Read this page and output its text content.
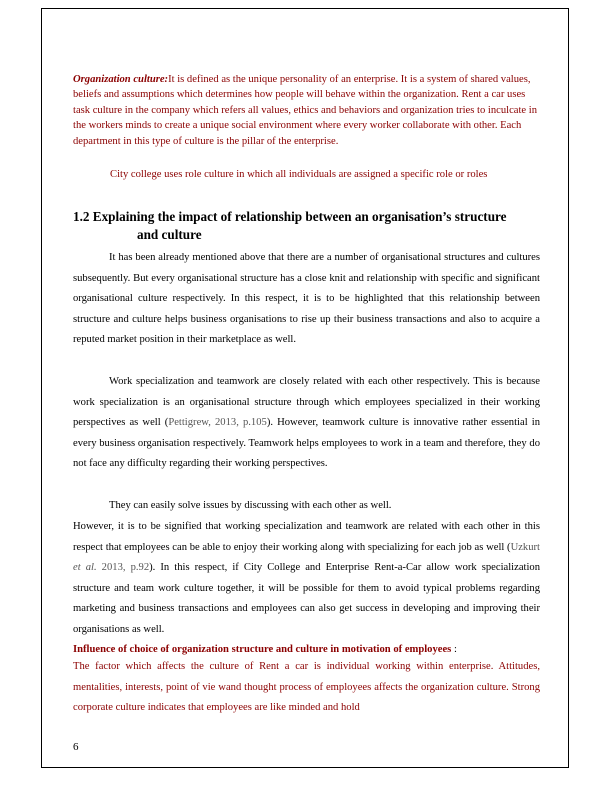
Organization culture:It is defined as the unique personality of an enterprise. It is a system of shared values, beliefs and assumptions which determines how people will behave within the organization. Rent a car uses task culture in the company which refers all values, ethics and behaviors and organization tries to inculcate in the workers minds to create a unique social environment where every worker collaborate with other. Each department in this type of culture is the pillar of the enterprise.
City college uses role culture in which all individuals are assigned a specific role or roles
1.2 Explaining the impact of relationship between an organisation’s structure
and culture
It has been already mentioned above that there are a number of organisational structures and cultures subsequently. But every organisational structure has a close knit and relationship with specific and significant organisational culture respectively. In this respect, it is to be highlighted that this relationship between structure and culture helps business organisations to rise up their business transactions and also to acquire a reputed market position in their marketplace as well.
Work specialization and teamwork are closely related with each other respectively. This is because work specialization is an organisational structure through which employees specialized in their working perspectives as well (Pettigrew, 2013, p.105). However, teamwork culture is innovative rather essential in every business organisation respectively. Teamwork helps employees to work in a team and therefore, they do not face any difficulty regarding their working perspectives.
They can easily solve issues by discussing with each other as well.
However, it is to be signified that working specialization and teamwork are related with each other in this respect that employees can be able to enjoy their working along with specializing for each job as well (Uzkurt et al. 2013, p.92). In this respect, if City College and Enterprise Rent-a-Car allow work specialization structure and team work culture together, it will be possible for them to avoid typical problems regarding marketing and business transactions and employees can also get success in developing and improving their organisations as well.
Influence of choice of organization structure and culture in motivation of employees :
The factor which affects the culture of Rent a car is individual working within enterprise. Attitudes, mentalities, interests, point of vie wand thought process of employees affects the organization culture. Strong corporate culture indicates that employees are like minded and hold
6
